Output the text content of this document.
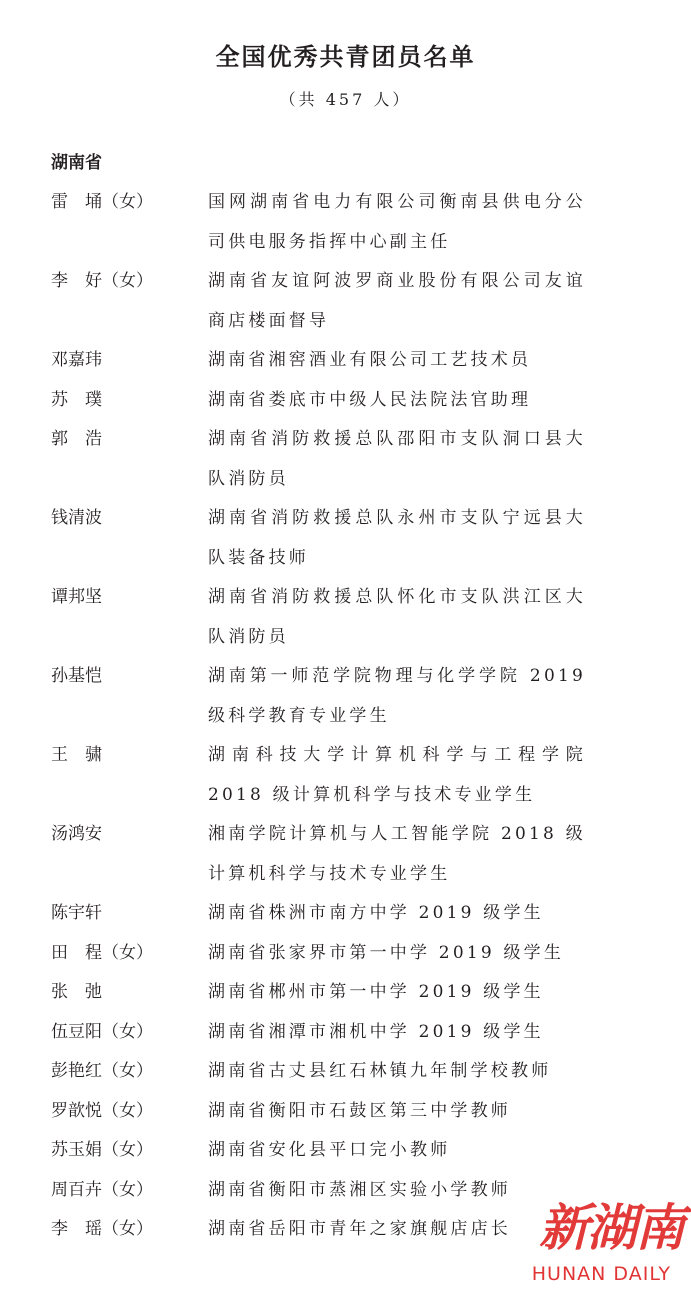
全国优秀共青团员名单
（共 457 人）
湖南省
雷　埇（女）	国网湖南省电力有限公司衡南县供电分公司供电服务指挥中心副主任
李　好（女）	湖南省友谊阿波罗商业股份有限公司友谊商店楼面督导
邓嘉玮	湖南省湘窖酒业有限公司工艺技术员
苏　璞	湖南省娄底市中级人民法院法官助理
郭　浩	湖南省消防救援总队邵阳市支队洞口县大队消防员
钱清波	湖南省消防救援总队永州市支队宁远县大队装备技师
谭邦坚	湖南省消防救援总队怀化市支队洪江区大队消防员
孙基恺	湖南第一师范学院物理与化学学院 2019 级科学教育专业学生
王　骕	湖南科技大学计算机科学与工程学院 2018 级计算机科学与技术专业学生
汤鸿安	湘南学院计算机与人工智能学院 2018 级计算机科学与技术专业学生
陈宇轩	湖南省株洲市南方中学 2019 级学生
田　程（女）	湖南省张家界市第一中学 2019 级学生
张　弛	湖南省郴州市第一中学 2019 级学生
伍豆阳（女）	湖南省湘潭市湘机中学 2019 级学生
彭艳红（女）	湖南省古丈县红石林镇九年制学校教师
罗歆悦（女）	湖南省衡阳市石鼓区第三中学教师
苏玉娟（女）	湖南省安化县平口完小教师
周百卉（女）	湖南省衡阳市蒸湘区实验小学教师
李　瑶（女）	湖南省岳阳市青年之家旗舰店店长 新湖南
HUNAN DAILY
